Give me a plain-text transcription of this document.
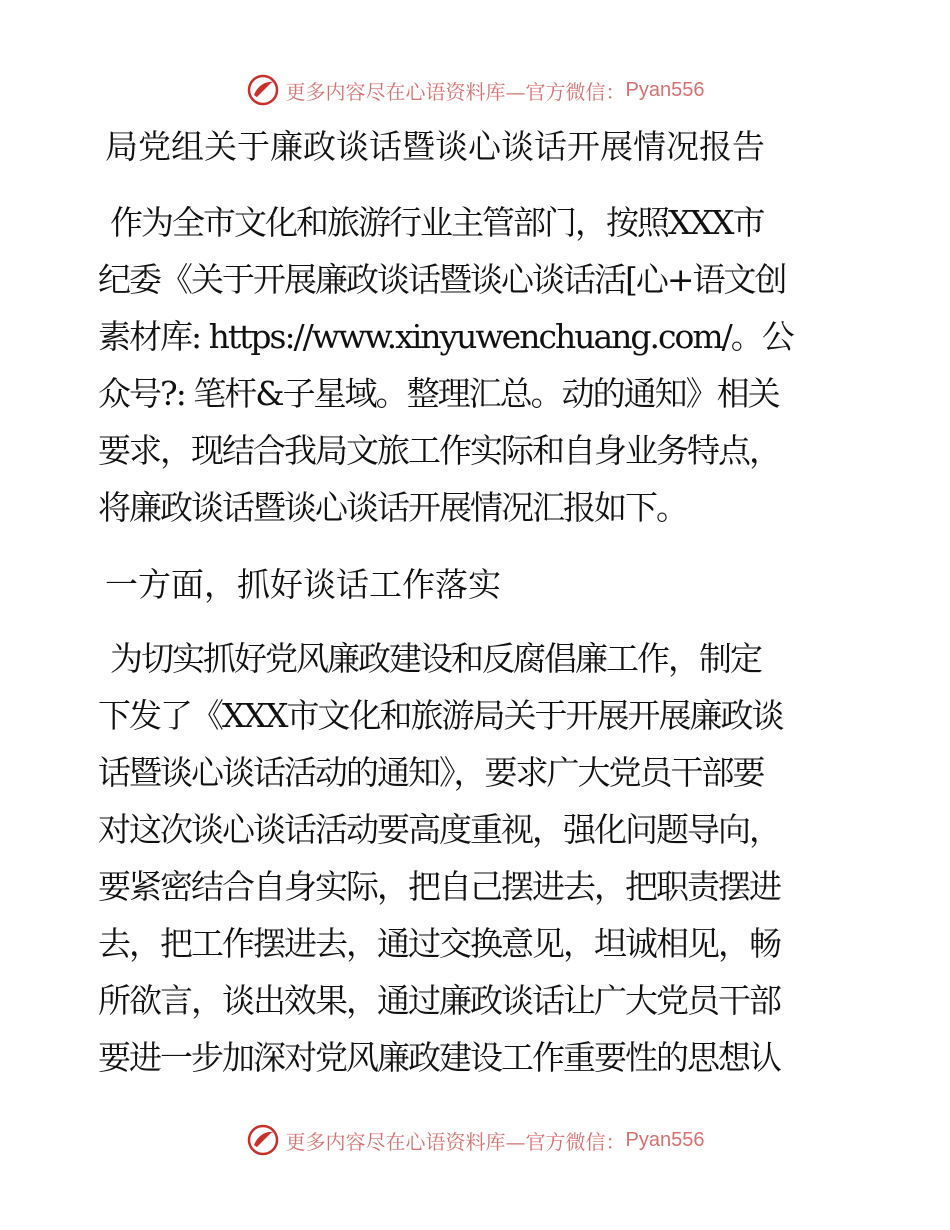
更多内容尽在心语资料库—官方微信： Pyan556
局党组关于廉政谈话暨谈心谈话开展情况报告
作为全市文化和旅游行业主管部门，按照XXX市
纪委《关于开展廉政谈话暨谈心谈话活[心+语文创
素材库: https://www.xinyuwenchuang.com/。公
众号?: 笔杆&子星域。整理汇总。动的通知》相关
要求，现结合我局文旅工作实际和自身业务特点，
将廉政谈话暨谈心谈话开展情况汇报如下。
一方面，抓好谈话工作落实
为切实抓好党风廉政建设和反腐倡廉工作，制定
下发了《XXX市文化和旅游局关于开展开展廉政谈
话暨谈心谈话活动的通知》，要求广大党员干部要
对这次谈心谈话活动要高度重视，强化问题导向，
要紧密结合自身实际，把自己摆进去，把职责摆进
去，把工作摆进去，通过交换意见，坦诚相见，畅
所欲言，谈出效果，通过廉政谈话让广大党员干部
要进一步加深对党风廉政建设工作重要性的思想认
更多内容尽在心语资料库—官方微信： Pyan556
